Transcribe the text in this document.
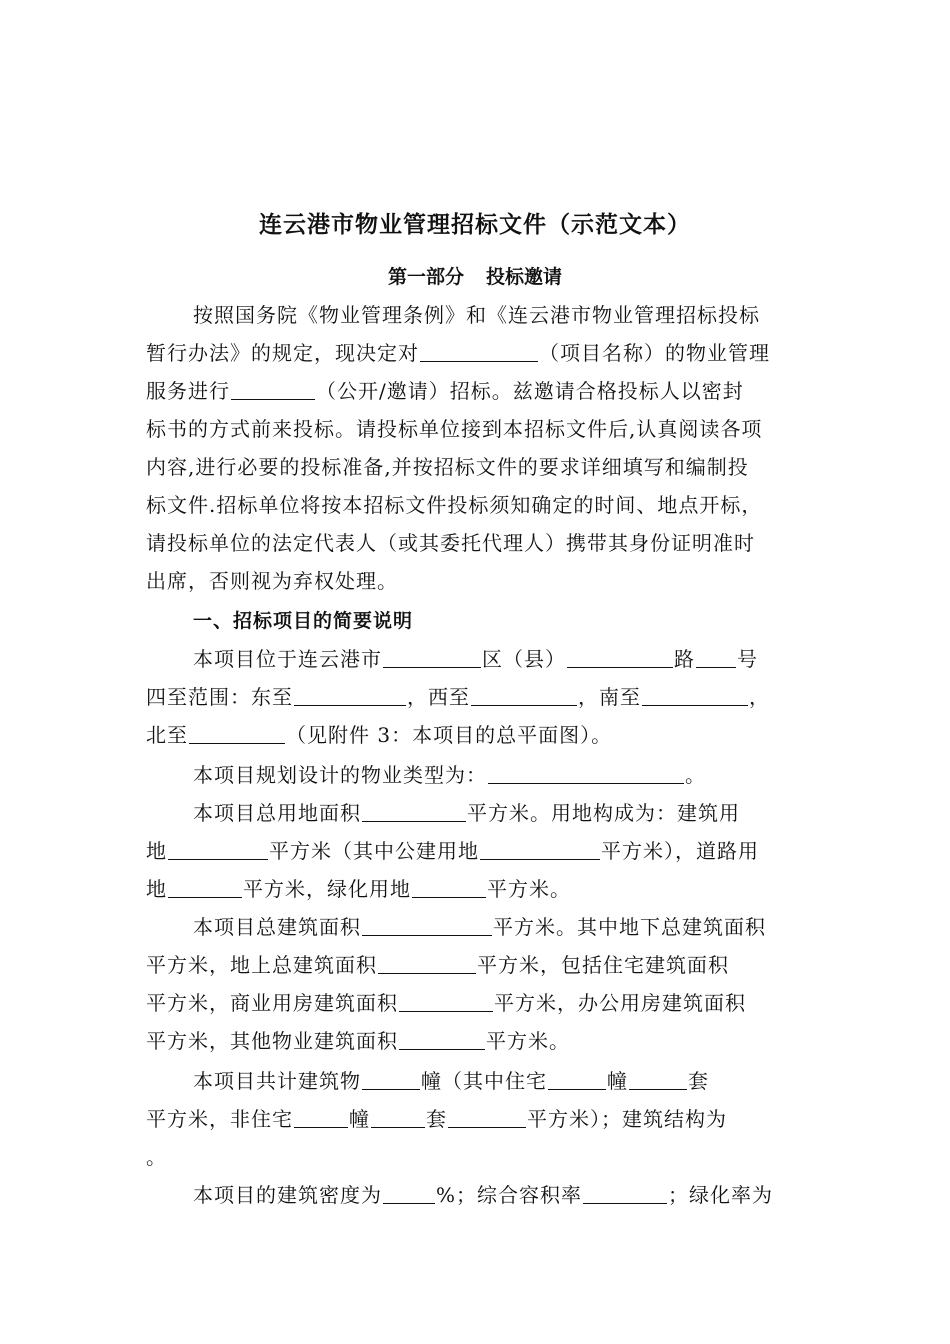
连云港市物业管理招标文件（示范文本）
第一部分 投标邀请
按照国务院《物业管理条例》和《连云港市物业管理招标投标
暂行办法》的规定，现决定对	（项目名称）的物业管理
服务进行	（公开/邀请）招标。兹邀请合格投标人以密封
标书的方式前来投标。请投标单位接到本招标文件后,认真阅读各项
内容,进行必要的投标准备,并按招标文件的要求详细填写和编制投
标文件.招标单位将按本招标文件投标须知确定的时间、地点开标，
请投标单位的法定代表人（或其委托代理人）携带其身份证明准时
出席，否则视为弃权处理。
一、招标项目的简要说明
本项目位于连云港市	区（县）	路 号
四至范围：东至	，西至	，南至	，
北至	（见附件 3：本项目的总平面图）。
本项目规划设计的物业类型为：	。
本项目总用地面积	平方米。用地构成为：建筑用
地	平方米（其中公建用地	平方米），道路用
地	平方米，绿化用地	平方米。
本项目总建筑面积	平方米。其中地下总建筑面积
平方米，地上总建筑面积	平方米，包括住宅建筑面积
平方米，商业用房建筑面积	平方米，办公用房建筑面积
平方米，其他物业建筑面积	平方米。
本项目共计建筑物	幢（其中住宅	幢	套
平方米，非住宅	幢	套	平方米）；建筑结构为
。
本项目的建筑密度为	%；综合容积率	；绿化率为
